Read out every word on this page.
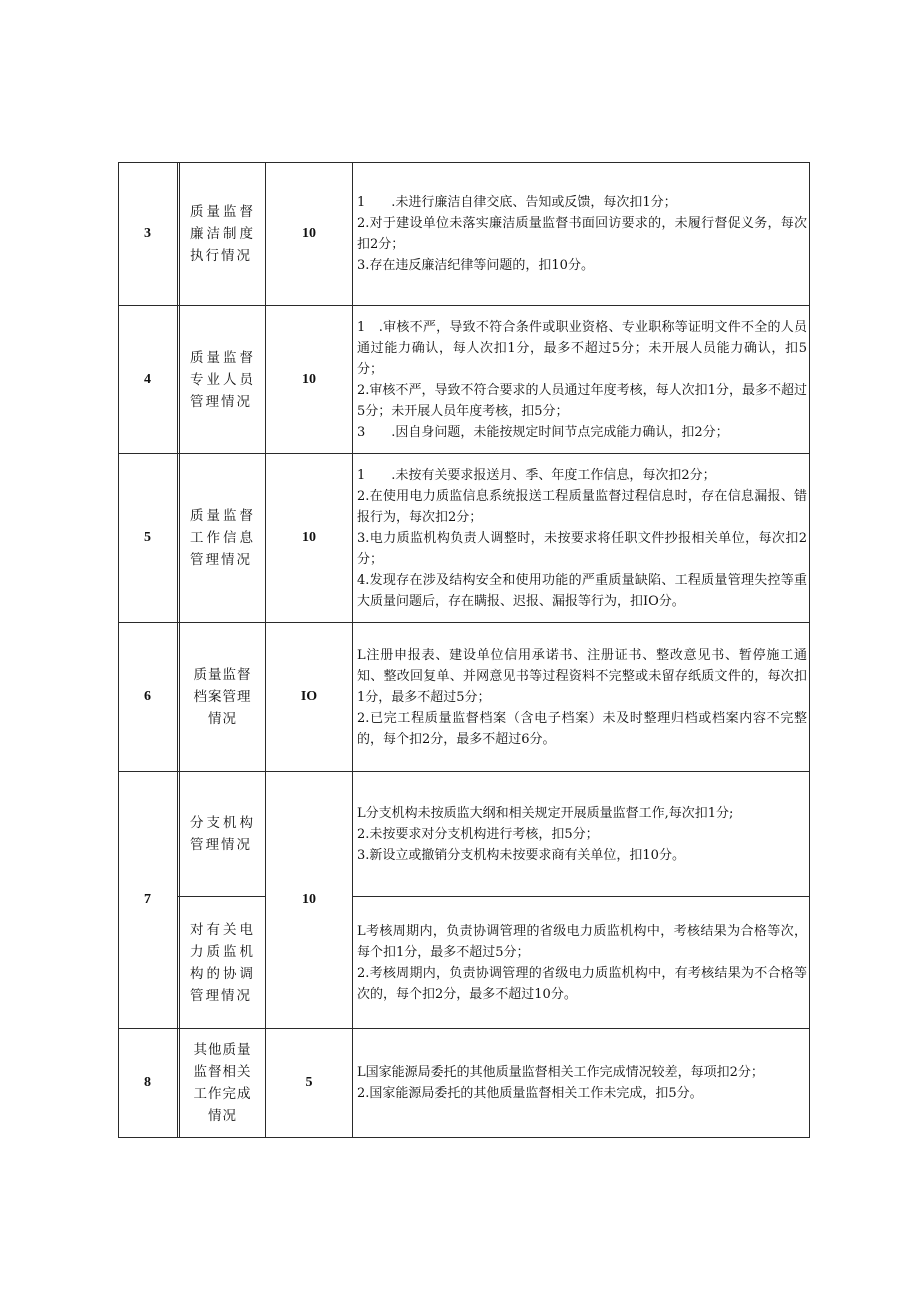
3
质量监督廉洁制度执行情况
10
1　　.未进行廉洁自律交底、告知或反馈，每次扣1分；
2.对于建设单位未落实廉洁质量监督书面回访要求的，未履行督促义务，每次扣2分；
3.存在违反廉洁纪律等问题的，扣10分。
4
质量监督专业人员管理情况
10
1　.审核不严，导致不符合条件或职业资格、专业职称等证明文件不全的人员通过能力确认，每人次扣1分，最多不超过5分；未开展人员能力确认，扣5分；
2.审核不严，导致不符合要求的人员通过年度考核，每人次扣1分，最多不超过5分；未开展人员年度考核，扣5分；
3　　.因自身问题，未能按规定时间节点完成能力确认，扣2分；
5
质量监督工作信息管理情况
10
1　　.未按有关要求报送月、季、年度工作信息，每次扣2分；
2.在使用电力质监信息系统报送工程质量监督过程信息时，存在信息漏报、错报行为，每次扣2分；
3.电力质监机构负责人调整时，未按要求将任职文件抄报相关单位，每次扣2分；
4.发现存在涉及结构安全和使用功能的严重质量缺陷、工程质量管理失控等重大质量问题后，存在瞒报、迟报、漏报等行为，扣IO分。
6
质量监督档案管理情况
IO
L注册申报表、建设单位信用承诺书、注册证书、整改意见书、暂停施工通知、整改回复单、并网意见书等过程资料不完整或未留存纸质文件的，每次扣1分，最多不超过5分；
2.已完工程质量监督档案（含电子档案）未及时整理归档或档案内容不完整的，每个扣2分，最多不超过6分。
7	10
分支机构管理情况
L分支机构未按质监大纲和相关规定开展质量监督工作,每次扣1分;
2.未按要求对分支机构进行考核，扣5分；
3.新设立或撤销分支机构未按要求商有关单位，扣10分。
对有关电力质监机构的协调管理情况
L考核周期内，负责协调管理的省级电力质监机构中，考核结果为合格等次，每个扣1分，最多不超过5分；
2.考核周期内，负责协调管理的省级电力质监机构中，有考核结果为不合格等次的，每个扣2分，最多不超过10分。
8
其他质量监督相关工作完成情况
5
L国家能源局委托的其他质量监督相关工作完成情况较差，每项扣2分；
2.国家能源局委托的其他质量监督相关工作未完成，扣5分。
